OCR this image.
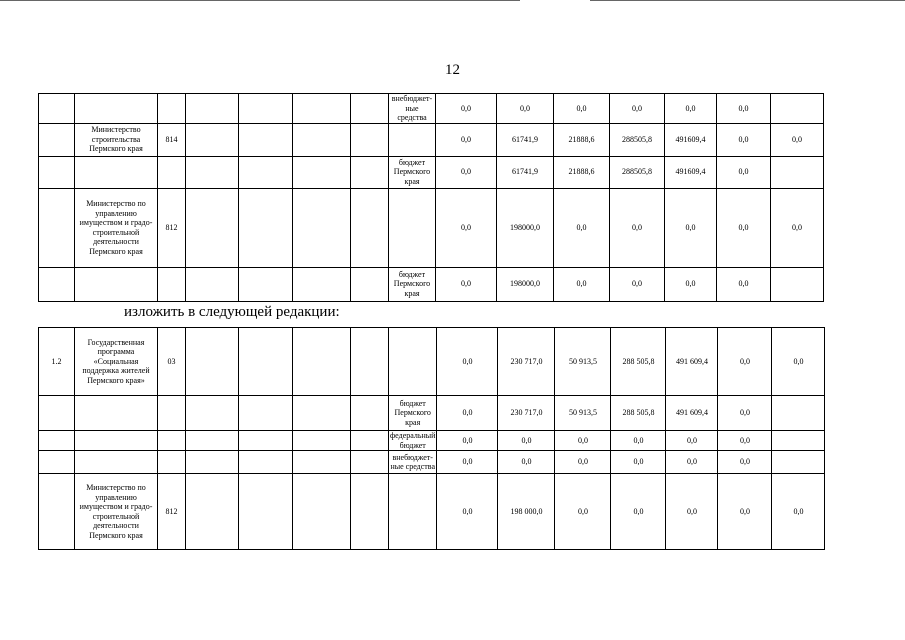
12
							внебюджет-ные средства	0,0	0,0	0,0	0,0	0,0	0,0	
	Министерство строительства Пермского края	814						0,0	61741,9	21888,6	288505,8	491609,4	0,0	0,0
							бюджет Пермского края	0,0	61741,9	21888,6	288505,8	491609,4	0,0	
	Министерство по управлению имуществом и градо-строительной деятельности Пермского края	812						0,0	198000,0	0,0	0,0	0,0	0,0	0,0
							бюджет Пермского края	0,0	198000,0	0,0	0,0	0,0	0,0	
изложить в следующей редакции:
1.2	Государственная программа «Социальная поддержка жителей Пермского края»	03						0,0	230 717,0	50 913,5	288 505,8	491 609,4	0,0	0,0
							бюджет Пермского края	0,0	230 717,0	50 913,5	288 505,8	491 609,4	0,0	
							федеральный бюджет	0,0	0,0	0,0	0,0	0,0	0,0	
							внебюджет-ные средства	0,0	0,0	0,0	0,0	0,0	0,0	
	Министерство по управлению имуществом и градо-строительной деятельности Пермского края	812						0,0	198 000,0	0,0	0,0	0,0	0,0	0,0
